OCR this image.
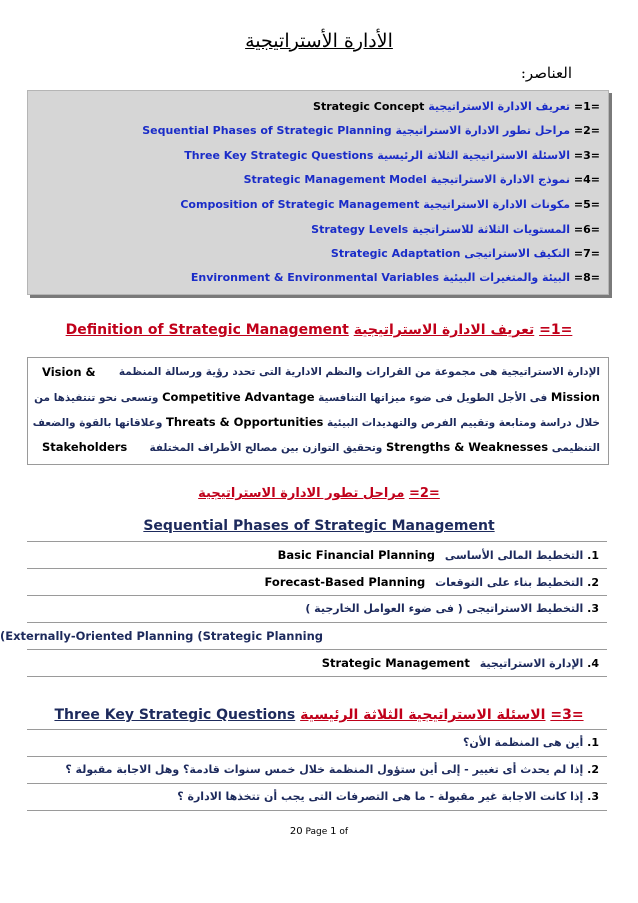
الأدارة الأستراتيجية
العناصر:
=1= تعريف الادارة الاستراتيجية Strategic Concept
=2= مراحل تطور الادارة الاستراتيجية Sequential Phases of Strategic Planning
=3= الاسئلة الاستراتيجية الثلاثة الرئيسية Three Key Strategic Questions
=4= نموذج الادارة الاستراتيجية Strategic Management Model
=5= مكونات الادارة الاستراتيجية Composition of Strategic Management
=6= المستويات الثلاثة للاستراتجية Strategy Levels
=7= التكيف الاستراتيجى Strategic Adaptation
=8= البيئة والمتغيرات البيئية Environment & Environmental Variables
=1= تعريف الادارة الاستراتيجية Definition of Strategic Management
الإدارة الاستراتيجية هى مجموعة من القرارات والنظم الادارية التى تحدد رؤية ورسالة المنظمة
Vision &
Mission فى الأجل الطويل فى ضوء ميزاتها التنافسية Competitive Advantage وتسعى نحو تنتفيذها من
خلال دراسة ومتابعة وتقييم الفرص والتهديدات البيئية Threats & Opportunities وعلاقاتها بالقوة والضعف
التنظيمى Strengths & Weaknesses وتحقيق التوازن بين مصالح الأطراف المختلفة
Stakeholders
=2= مراحل تطور الادارة الاستراتيجية
Sequential Phases of Strategic Management
1. التخطيط المالى الأساسى Basic Financial Planning
2. التخطيط بناء على التوقعات Forecast-Based Planning
3. التخطيط الاستراتيجى ( فى ضوء العوامل الخارجية )
(Externally-Oriented Planning (Strategic Planning
4. الإدارة الاستراتيجية Strategic Management
=3= الاسئلة الاستراتيجية الثلاثة الرئيسية Three Key Strategic Questions
1. أين هى المنظمة الأن؟
2. إذا لم يحدث أى تغيير - إلى أين ستؤول المنظمة خلال خمس سنوات قادمة؟ وهل الاجابة مقبولة ؟
3. إذا كانت الاجابة غير مقبولة - ما هى التصرفات التى يجب أن تتخذها الادارة ؟
20 Page 1 of
